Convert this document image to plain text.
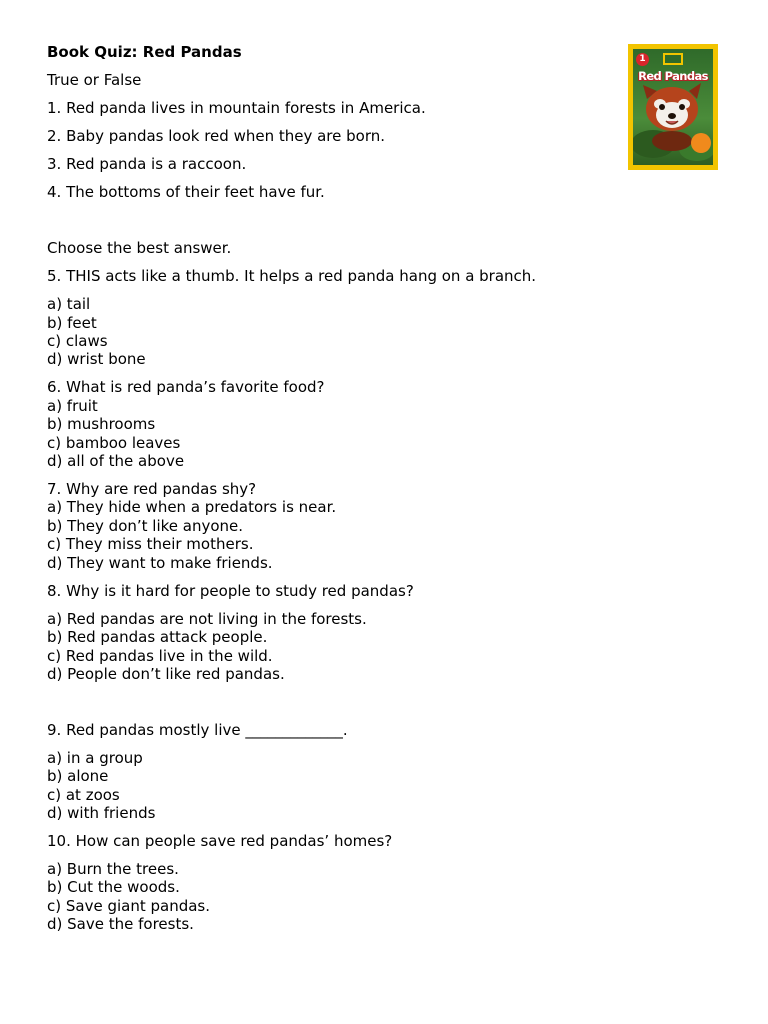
Book Quiz: Red Pandas
True or False
1. Red panda lives in mountain forests in America.
2. Baby pandas look red when they are born.
3. Red panda is a raccoon.
4. The bottoms of their feet have fur.
Choose the best answer.
5. THIS acts like a thumb. It helps a red panda hang on a branch.
a) tail
b) feet
c) claws
d) wrist bone
6. What is red panda’s favorite food?
a) fruit
b) mushrooms
c) bamboo leaves
d) all of the above
7. Why are red pandas shy?
a) They hide when a predators is near.
b) They don’t like anyone.
c) They miss their mothers.
d) They want to make friends.
8. Why is it hard for people to study red pandas?
a) Red pandas are not living in the forests.
b) Red pandas attack people.
c) Red pandas live in the wild.
d) People don’t like red pandas.
9. Red pandas mostly live _____________.
a) in a group
b) alone
c) at zoos
d) with friends
10. How can people save red pandas’ homes?
a) Burn the trees.
b) Cut the woods.
c) Save giant pandas.
d) Save the forests.
1
Red Pandas
